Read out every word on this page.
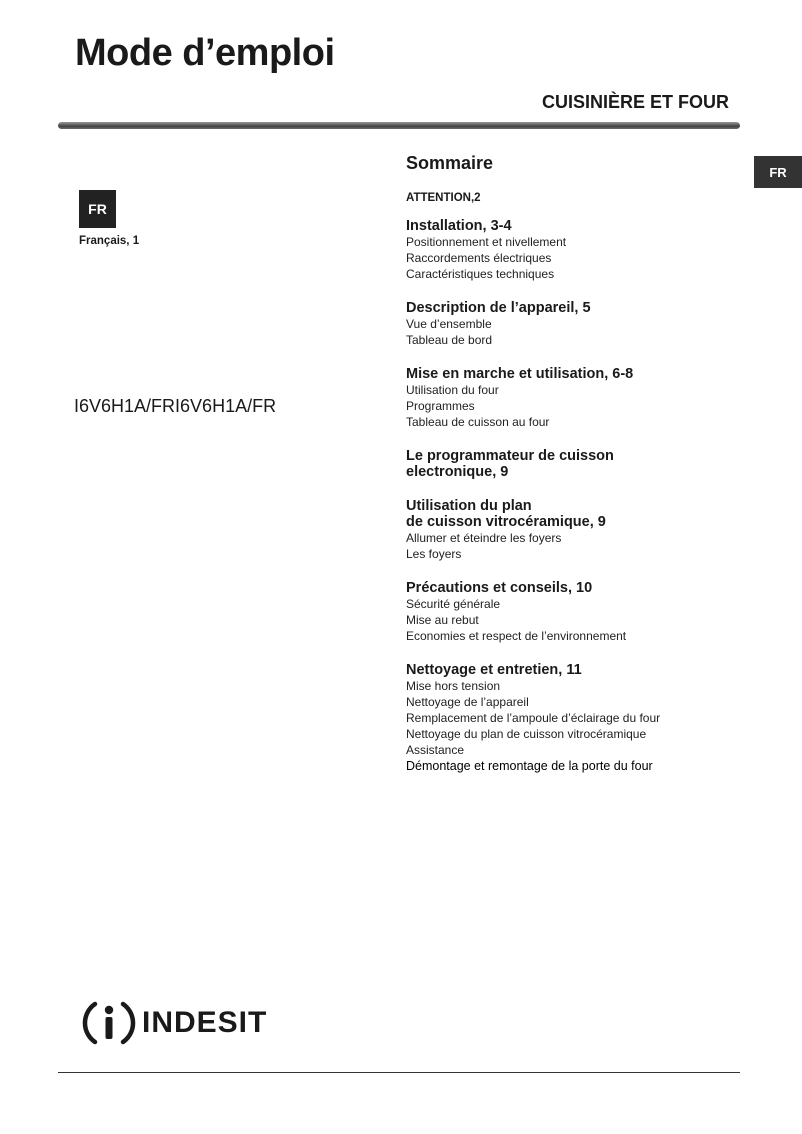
Mode d’emploi
CUISINIÈRE ET FOUR
FR
FR
Français, 1
I6V6H1A/FRI6V6H1A/FR
Sommaire
ATTENTION,2
Installation, 3-4
Positionnement et nivellement
Raccordements électriques
Caractéristiques techniques
Description de l’appareil, 5
Vue d’ensemble
Tableau de bord
Mise en marche et utilisation, 6-8
Utilisation du four
Programmes
Tableau de cuisson au four
Le programmateur de cuisson
electronique, 9
Utilisation du plan
de cuisson vitrocéramique, 9
Allumer et éteindre les foyers
Les foyers
Précautions et conseils, 10
Sécurité générale
Mise au rebut
Economies et respect de l’environnement
Nettoyage et entretien, 11
Mise hors tension
Nettoyage de l’appareil
Remplacement de l’ampoule d’éclairage du four
Nettoyage du plan de cuisson vitrocéramique
Assistance
Démontage et remontage de la porte du four
INDESIT
